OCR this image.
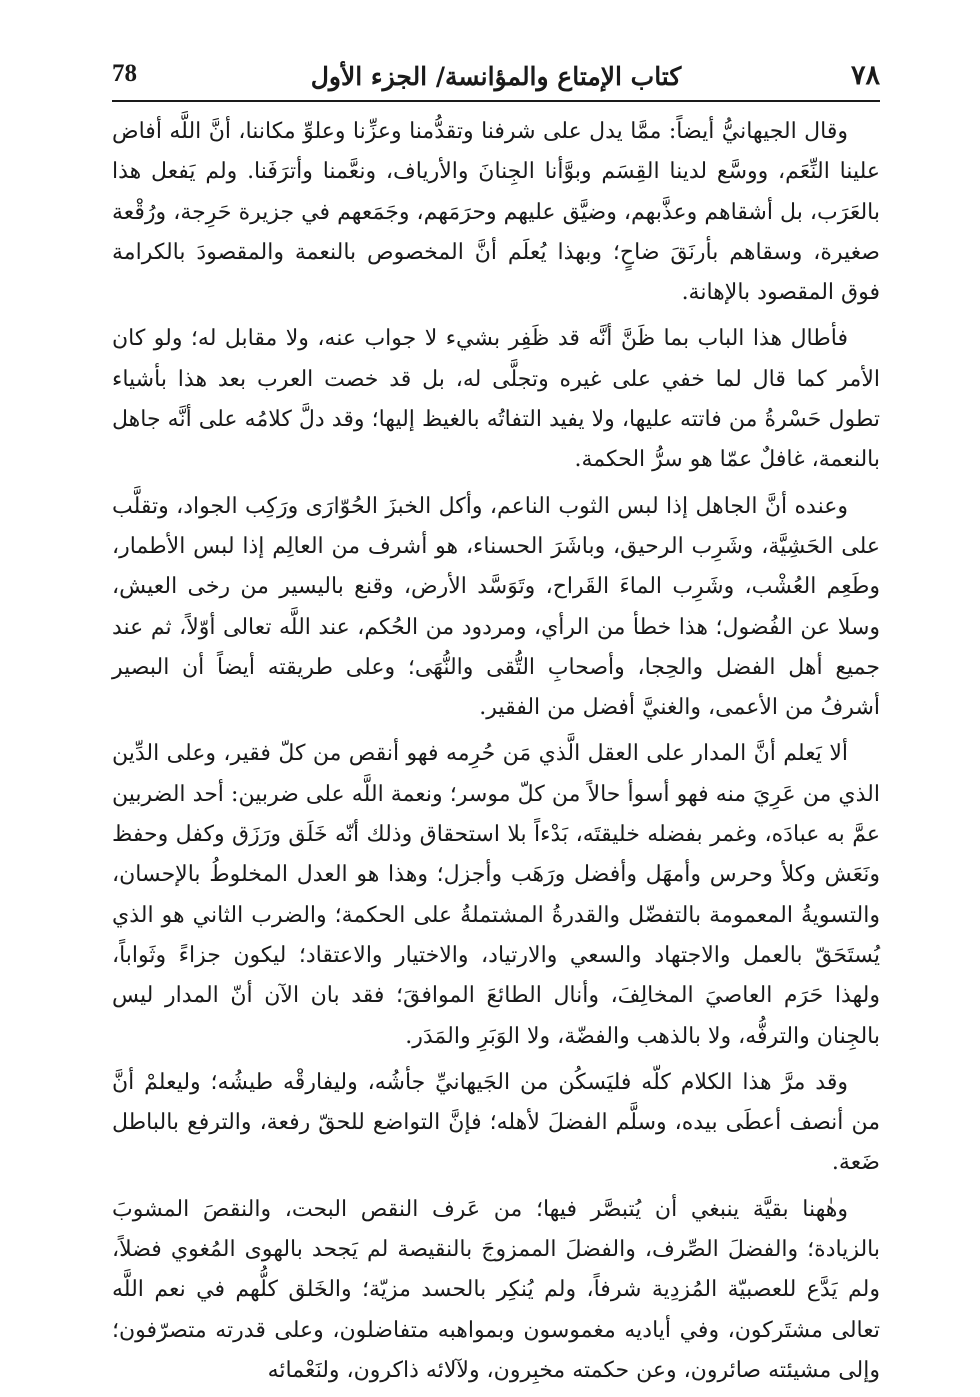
٧٨
كتاب الإمتاع والمؤانسة/ الجزء الأول
78

وقال الجيهانيُّ أيضاً: ممَّا يدل على شرفنا وتقدُّمنا وعزِّنا وعلوِّ مكاننا، أنَّ اللَّه أفاض علينا النِّعَم، ووسَّع لدينا القِسَم وبوَّأنا الجِنانَ والأرياف، ونعَّمنا وأترَفَنا. ولم يَفعل هذا بالعَرَب، بل أشقاهم وعذَّبهم، وضيَّق عليهم وحرَمَهم، وجَمَعهم في جزيرة حَرِجة، ورُقْعة صغيرة، وسقاهم بأرنَقَ ضاحٍ؛ وبهذا يُعلَم أنَّ المخصوص بالنعمة والمقصودَ بالكرامة فوق المقصود بالإهانة.

فأطال هذا الباب بما ظَنَّ أنَّه قد ظَفِر بشيء لا جواب عنه، ولا مقابل له؛ ولو كان الأمر كما قال لما خفي على غيره وتجلَّى له، بل قد خصت العرب بعد هذا بأشياء تطول حَسْرةُ من فاتته عليها، ولا يفيد التفاتُه بالغيظ إليها؛ وقد دلَّ كلامُه على أنَّه جاهل بالنعمة، غافلٌ عمّا هو سرُّ الحكمة.

وعنده أنَّ الجاهل إذا لبس الثوب الناعم، وأكل الخبزَ الحُوّارَى ورَكِب الجواد، وتقلَّب على الحَشِيَّة، وشَرِب الرحيق، وباشَرَ الحسناء، هو أشرف من العالِم إذا لبس الأطمار، وطَعِم العُشْب، وشَرِب الماءَ القَراح، وتَوَسَّد الأرض، وقنع باليسير من رخى العيش، وسلا عن الفُضول؛ هذا خطأ من الرأي، ومردود من الحُكم، عند اللَّه تعالى أوّلاً، ثم عند جميع أهل الفضل والحِجا، وأصحابِ التُّقى والنُّهَى؛ وعلى طريقته أيضاً أن البصير أشرفُ من الأعمى، والغنيَّ أفضل من الفقير.

ألا يَعلم أنَّ المدار على العقل الَّذي مَن حُرِمه فهو أنقص من كلّ فقير، وعلى الدِّين الذي من عَرِيَ منه فهو أسوأ حالاً من كلّ موسر؛ ونعمة اللَّه على ضربين: أحد الضربين عمَّ به عبادَه، وغمر بفضله خليقتَه، بَدْءاً بلا استحقاق وذلك أنّه خَلَق ورَزَق وكفل وحفظ ونَعَش وكلأ وحرس وأمهَل وأفضل ورَهَب وأجزل؛ وهذا هو العدل المخلوطُ بالإحسان، والتسويةُ المعمومة بالتفضّل والقدرةُ المشتملةُ على الحكمة؛ والضرب الثاني هو الذي يُستَحَقّ بالعمل والاجتهاد والسعي والارتياد، والاختيار والاعتقاد؛ ليكون جزاءً وثَواباً، ولهذا حَرَم العاصيَ المخالِفَ، وأنال الطائعَ الموافقَ؛ فقد بان الآن أنّ المدار ليس بالجِنان والترفُّه، ولا بالذهب والفضّة، ولا الوَبَرِ والمَدَر.

وقد مرَّ هذا الكلام كلّه فليَسكُن من الجَيهانيِّ جأشُه، وليفارقْه طيشُه؛ وليعلمْ أنَّ من أنصف أعطَى بيده، وسلَّم الفضلَ لأهله؛ فإنَّ التواضع للحقّ رفعة، والترفع بالباطل ضَعة.

وهٰهنا بقيَّة ينبغي أن يُتبصَّر فيها؛ من عَرف النقص البحت، والنقصَ المشوبَ بالزيادة؛ والفضلَ الصِّرف، والفضلَ الممزوجَ بالنقيصة لم يَجحد بالهوى المُغوي فضلاً، ولم يَدَّع للعصبيّة المُزدِية شرفاً، ولم يُنكِر بالحسد مزيّة؛ والخَلق كلُّهم في نعم اللَّه تعالى مشتَركون، وفي أياديه مغموسون وبمواهبه متفاضلون، وعلى قدرته متصرّفون؛ وإلى مشيئته صائرون، وعن حكمته مخبِرون، ولآلائه ذاكرون، ولنَعْمائه
